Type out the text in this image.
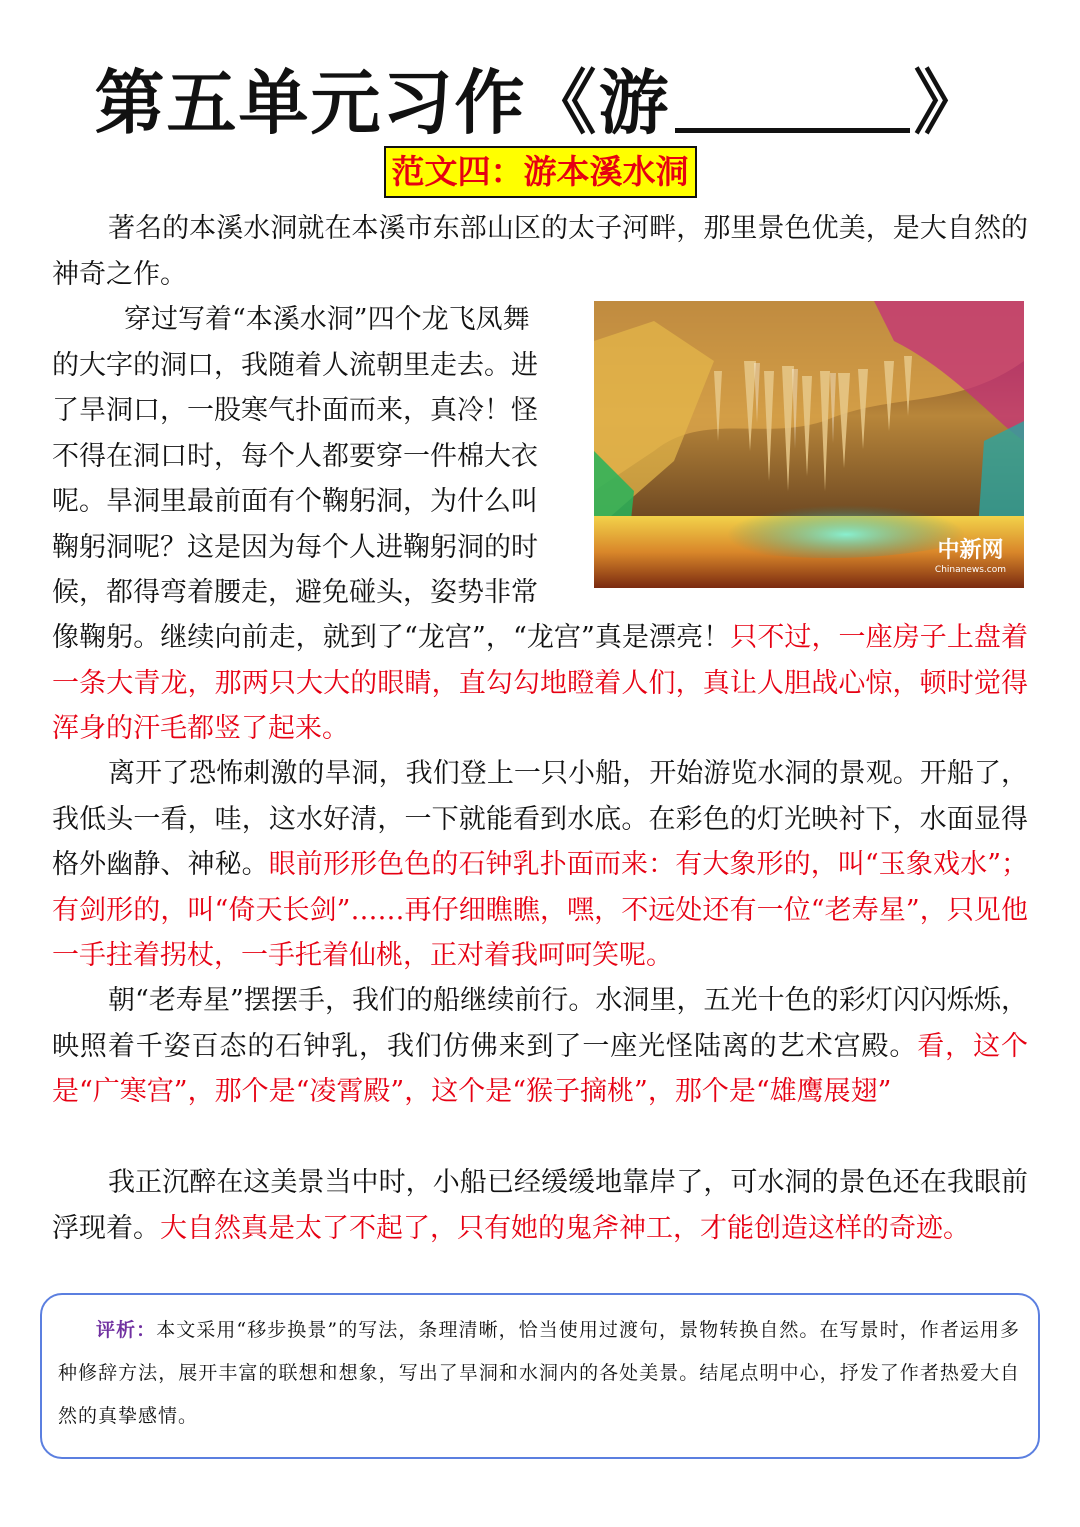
第五单元习作《游	》
范文四：游本溪水洞

著名的本溪水洞就在本溪市东部山区的太子河畔，那里景色优美，是大自然的神奇之作。

穿过写着“本溪水洞”四个龙飞凤舞
的大字的洞口，我随着人流朝里走去。进
了旱洞口，一股寒气扑面而来，真冷！怪
不得在洞口时，每个人都要穿一件棉大衣
呢。旱洞里最前面有个鞠躬洞，为什么叫
鞠躬洞呢？这是因为每个人进鞠躬洞的时
候，都得弯着腰走，避免碰头，姿势非常
中新网
Chinanews.com

像鞠躬。继续向前走，就到了“龙宫”，“龙宫”真是漂亮！只不过，一座房子上盘着一条大青龙，那两只大大的眼睛，直勾勾地瞪着人们，真让人胆战心惊，顿时觉得浑身的汗毛都竖了起来。

离开了恐怖刺激的旱洞，我们登上一只小船，开始游览水洞的景观。开船了，我低头一看，哇，这水好清，一下就能看到水底。在彩色的灯光映衬下，水面显得格外幽静、神秘。眼前形形色色的石钟乳扑面而来：有大象形的，叫“玉象戏水”；有剑形的，叫“倚天长剑”……再仔细瞧瞧，嘿，不远处还有一位“老寿星”，只见他一手拄着拐杖，一手托着仙桃，正对着我呵呵笑呢。

朝“老寿星”摆摆手，我们的船继续前行。水洞里，五光十色的彩灯闪闪烁烁，映照着千姿百态的石钟乳，我们仿佛来到了一座光怪陆离的艺术宫殿。看，这个是“广寒宫”，那个是“凌霄殿”，这个是“猴子摘桃”，那个是“雄鹰展翅”

我正沉醉在这美景当中时，小船已经缓缓地靠岸了，可水洞的景色还在我眼前浮现着。大自然真是太了不起了，只有她的鬼斧神工，才能创造这样的奇迹。

评析：本文采用“移步换景”的写法，条理清晰，恰当使用过渡句，景物转换自然。在写景时，作者运用多种修辞方法，展开丰富的联想和想象，写出了旱洞和水洞内的各处美景。结尾点明中心，抒发了作者热爱大自然的真挚感情。
